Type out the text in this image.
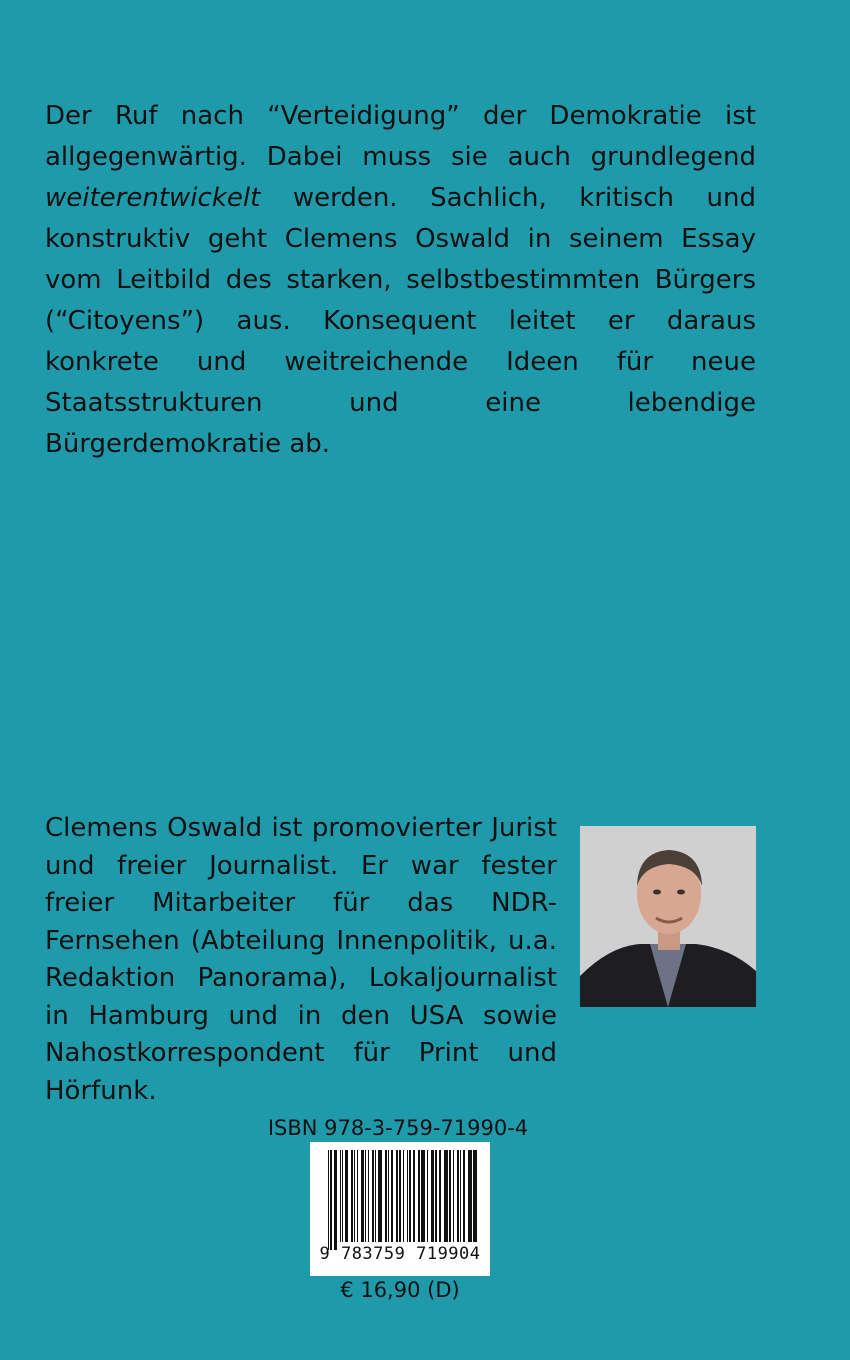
Der Ruf nach “Verteidigung” der Demokratie ist allgegenwärtig. Dabei muss sie auch grundlegend weiterentwickelt werden. Sachlich, kritisch und konstruktiv geht Clemens Oswald in seinem Essay vom Leitbild des starken, selbstbestimmten Bürgers (“Citoyens”) aus. Konsequent leitet er daraus konkrete und weitreichende Ideen für neue Staatsstrukturen und eine lebendige Bürgerdemokratie ab.
Clemens Oswald ist promovierter Jurist und freier Journalist. Er war fester freier Mitarbeiter für das NDR-Fernsehen (Abteilung Innenpolitik, u.a. Redaktion Panorama), Lokaljournalist in Hamburg und in den USA sowie Nahostkorrespondent für Print und Hörfunk.
ISBN 978-3-759-71990-4
9 783759 719904
€ 16,90 (D)
